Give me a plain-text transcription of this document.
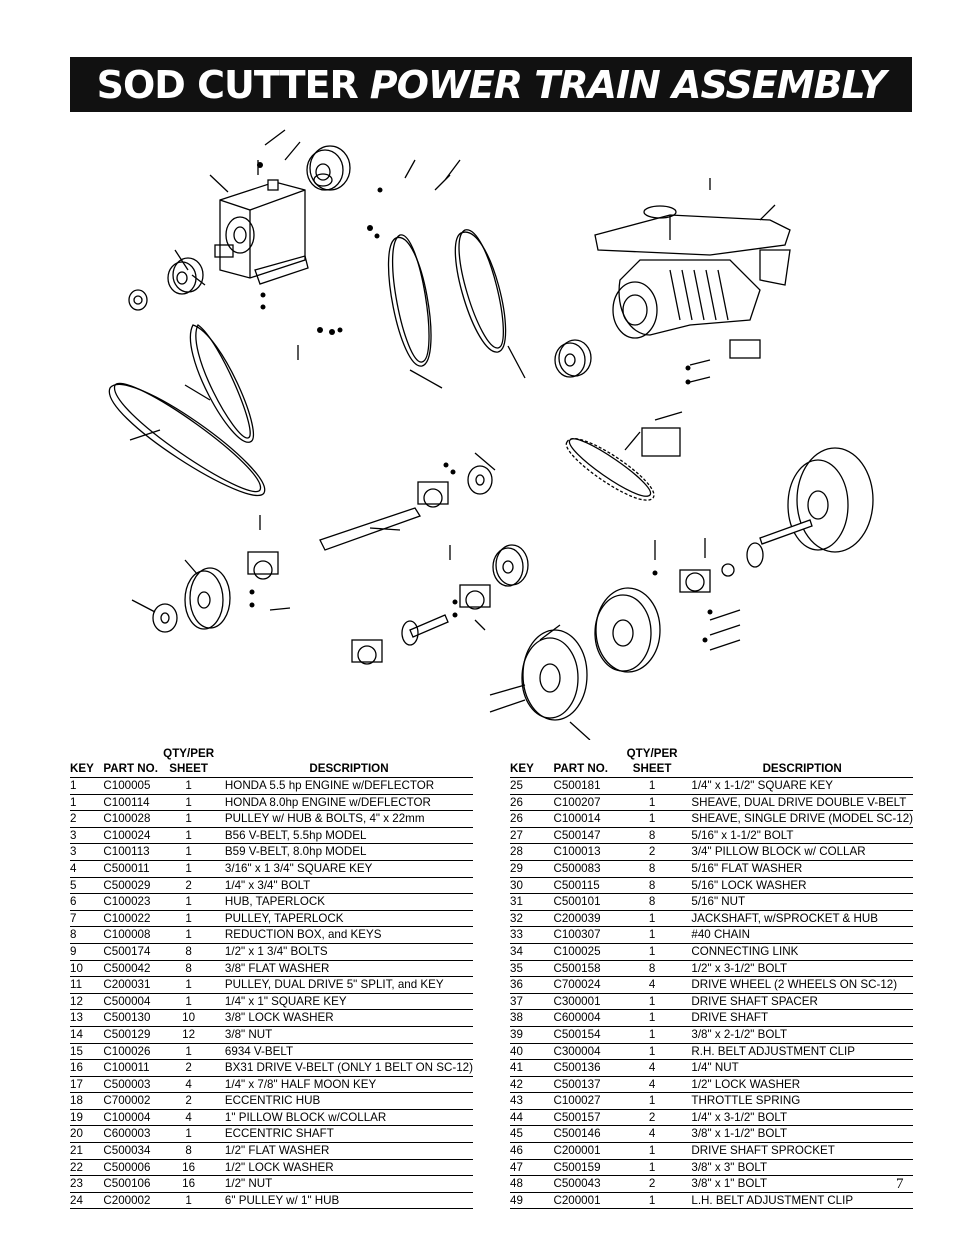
SOD CUTTER POWER TRAIN ASSEMBLY
		QTY/PER	
KEY	PART NO.	SHEET	DESCRIPTION
1	C100005	1	HONDA 5.5 hp ENGINE w/DEFLECTOR
1	C100114	1	HONDA 8.0hp ENGINE w/DEFLECTOR
2	C100028	1	PULLEY w/ HUB & BOLTS, 4" x 22mm
3	C100024	1	B56 V-BELT, 5.5hp MODEL
3	C100113	1	B59 V-BELT, 8.0hp MODEL
4	C500011	1	3/16" x 1 3/4" SQUARE KEY
5	C500029	2	1/4" x 3/4" BOLT
6	C100023	1	HUB, TAPERLOCK
7	C100022	1	PULLEY, TAPERLOCK
8	C100008	1	REDUCTION BOX, and KEYS
9	C500174	8	1/2" x 1 3/4" BOLTS
10	C500042	8	3/8" FLAT WASHER
11	C200031	1	PULLEY, DUAL DRIVE 5" SPLIT, and KEY
12	C500004	1	1/4" x 1" SQUARE KEY
13	C500130	10	3/8" LOCK WASHER
14	C500129	12	3/8" NUT
15	C100026	1	6934 V-BELT
16	C100011	2	BX31 DRIVE V-BELT (ONLY 1 BELT ON SC-12)
17	C500003	4	1/4" x 7/8" HALF MOON KEY
18	C700002	2	ECCENTRIC HUB
19	C100004	4	1" PILLOW BLOCK w/COLLAR
20	C600003	1	ECCENTRIC SHAFT
21	C500034	8	1/2" FLAT WASHER
22	C500006	16	1/2" LOCK WASHER
23	C500106	16	1/2" NUT
24	C200002	1	6" PULLEY w/ 1" HUB
		QTY/PER	
KEY	PART NO.	SHEET	DESCRIPTION
25	C500181	1	1/4" x 1-1/2" SQUARE KEY
26	C100207	1	SHEAVE, DUAL DRIVE DOUBLE V-BELT
26	C100014	1	SHEAVE, SINGLE DRIVE (MODEL SC-12)
27	C500147	8	5/16" x 1-1/2" BOLT
28	C100013	2	3/4" PILLOW BLOCK w/ COLLAR
29	C500083	8	5/16" FLAT WASHER
30	C500115	8	5/16" LOCK WASHER
31	C500101	8	5/16" NUT
32	C200039	1	JACKSHAFT, w/SPROCKET & HUB
33	C100307	1	#40 CHAIN
34	C100025	1	CONNECTING LINK
35	C500158	8	1/2" x 3-1/2" BOLT
36	C700024	4	DRIVE WHEEL (2 WHEELS ON SC-12)
37	C300001	1	DRIVE SHAFT SPACER
38	C600004	1	DRIVE SHAFT
39	C500154	1	3/8" x 2-1/2" BOLT
40	C300004	1	R.H. BELT ADJUSTMENT CLIP
41	C500136	4	1/4" NUT
42	C500137	4	1/2" LOCK WASHER
43	C100027	1	THROTTLE SPRING
44	C500157	2	1/4" x 3-1/2" BOLT
45	C500146	4	3/8" x 1-1/2" BOLT
46	C200001	1	DRIVE SHAFT SPROCKET
47	C500159	1	3/8" x 3" BOLT
48	C500043	2	3/8" x 1" BOLT
49	C200001	1	L.H. BELT ADJUSTMENT CLIP
7
